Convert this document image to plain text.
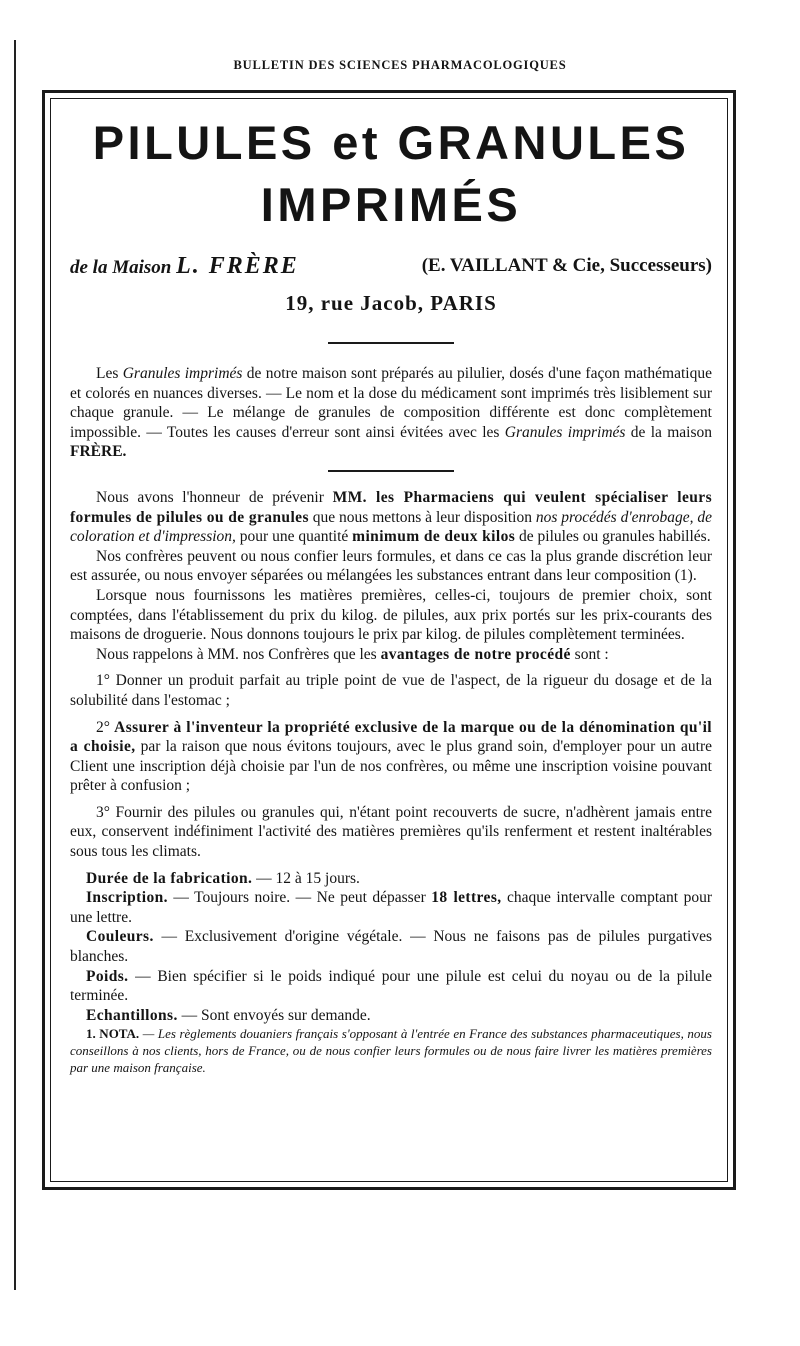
BULLETIN DES SCIENCES PHARMACOLOGIQUES
PILULES et GRANULES
IMPRIMÉS
de la Maison L. FRÈRE	(E. VAILLANT & Cie, Successeurs)
19, rue Jacob, PARIS

Les Granules imprimés de notre maison sont préparés au pilulier, dosés d'une façon mathématique et colorés en nuances diverses. — Le nom et la dose du médicament sont imprimés très lisiblement sur chaque granule. — Le mélange de granules de composition différente est donc complètement impossible. — Toutes les causes d'erreur sont ainsi évitées avec les Granules imprimés de la maison FRÈRE.

Nous avons l'honneur de prévenir MM. les Pharmaciens qui veulent spécialiser leurs formules de pilules ou de granules que nous mettons à leur disposition nos procédés d'enrobage, de coloration et d'impression, pour une quantité minimum de deux kilos de pilules ou granules habillés.

Nos confrères peuvent ou nous confier leurs formules, et dans ce cas la plus grande discrétion leur est assurée, ou nous envoyer séparées ou mélangées les substances entrant dans leur composition (1).

Lorsque nous fournissons les matières premières, celles-ci, toujours de premier choix, sont comptées, dans l'établissement du prix du kilog. de pilules, aux prix portés sur les prix-courants des maisons de droguerie. Nous donnons toujours le prix par kilog. de pilules complètement terminées.

Nous rappelons à MM. nos Confrères que les avantages de notre procédé sont :

1° Donner un produit parfait au triple point de vue de l'aspect, de la rigueur du dosage et de la solubilité dans l'estomac ;

2° Assurer à l'inventeur la propriété exclusive de la marque ou de la dénomination qu'il a choisie, par la raison que nous évitons toujours, avec le plus grand soin, d'employer pour un autre Client une inscription déjà choisie par l'un de nos confrères, ou même une inscription voisine pouvant prêter à confusion ;

3° Fournir des pilules ou granules qui, n'étant point recouverts de sucre, n'adhèrent jamais entre eux, conservent indéfiniment l'activité des matières premières qu'ils renferment et restent inaltérables sous tous les climats.

Durée de la fabrication. — 12 à 15 jours.

Inscription. — Toujours noire. — Ne peut dépasser 18 lettres, chaque intervalle comptant pour une lettre.

Couleurs. — Exclusivement d'origine végétale. — Nous ne faisons pas de pilules purgatives blanches.

Poids. — Bien spécifier si le poids indiqué pour une pilule est celui du noyau ou de la pilule terminée.

Echantillons. — Sont envoyés sur demande.

1. NOTA. — Les règlements douaniers français s'opposant à l'entrée en France des substances pharmaceutiques, nous conseillons à nos clients, hors de France, ou de nous confier leurs formules ou de nous faire livrer les matières premières par une maison française.
